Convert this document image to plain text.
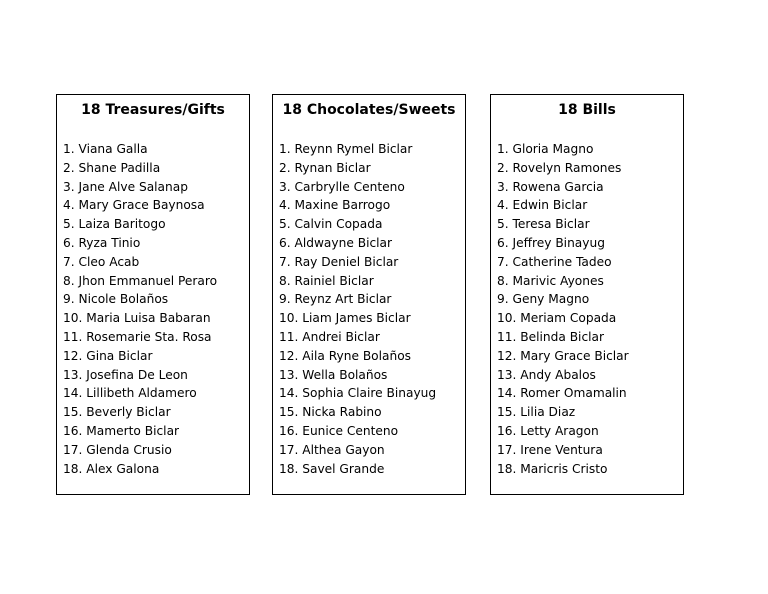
18 Treasures/Gifts
1. Viana Galla
2. Shane Padilla
3. Jane Alve Salanap
4. Mary Grace Baynosa
5. Laiza Baritogo
6. Ryza Tinio
7. Cleo Acab
8. Jhon Emmanuel Peraro
9. Nicole Bolaños
10. Maria Luisa Babaran
11. Rosemarie Sta. Rosa
12. Gina Biclar
13. Josefina De Leon
14. Lillibeth Aldamero
15. Beverly Biclar
16. Mamerto Biclar
17. Glenda Crusio
18. Alex Galona
18 Chocolates/Sweets
1. Reynn Rymel Biclar
2. Rynan Biclar
3. Carbrylle Centeno
4. Maxine Barrogo
5. Calvin Copada
6. Aldwayne Biclar
7. Ray Deniel Biclar
8. Rainiel Biclar
9. Reynz Art Biclar
10. Liam James Biclar
11. Andrei Biclar
12. Aila Ryne Bolaños
13. Wella Bolaños
14. Sophia Claire Binayug
15. Nicka Rabino
16. Eunice Centeno
17. Althea Gayon
18. Savel Grande
18 Bills
1. Gloria Magno
2. Rovelyn Ramones
3. Rowena Garcia
4. Edwin Biclar
5. Teresa Biclar
6. Jeffrey Binayug
7. Catherine Tadeo
8. Marivic Ayones
9. Geny Magno
10. Meriam Copada
11. Belinda Biclar
12. Mary Grace Biclar
13. Andy Abalos
14. Romer Omamalin
15. Lilia Diaz
16. Letty Aragon
17. Irene Ventura
18. Maricris Cristo
